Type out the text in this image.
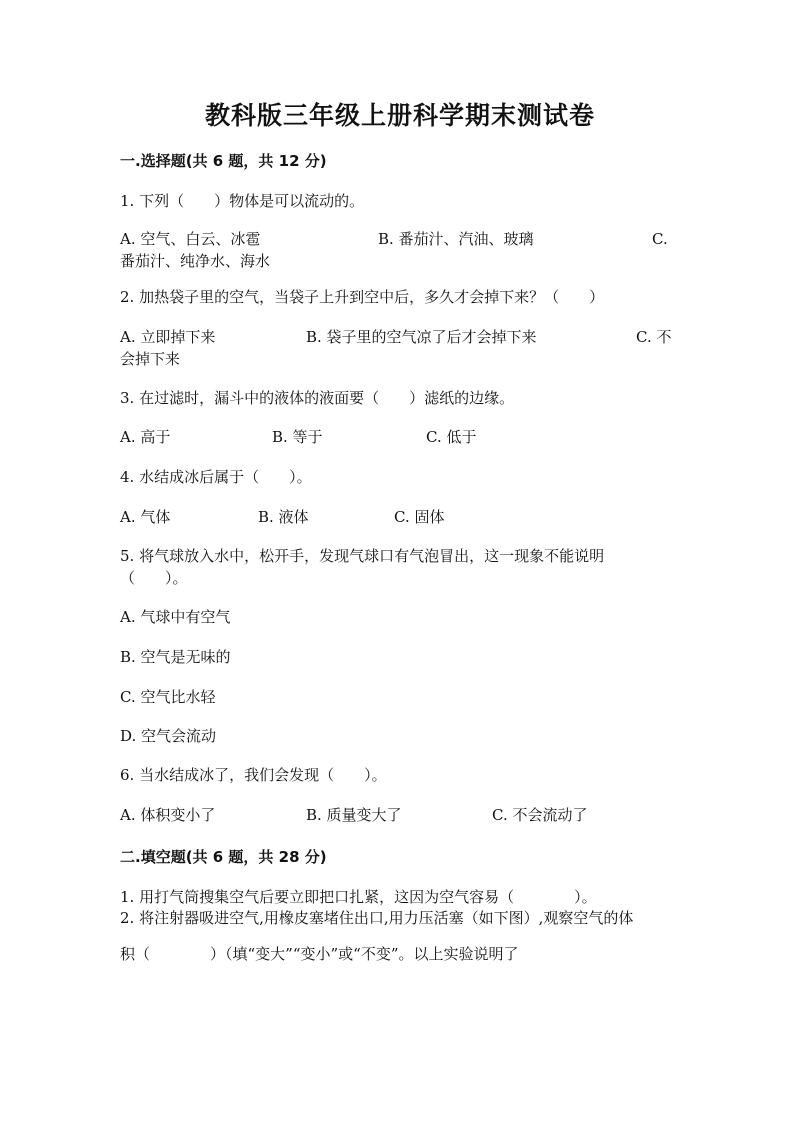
教科版三年级上册科学期末测试卷
一.选择题(共 6 题，共 12 分)
1. 下列（　　）物体是可以流动的。
A. 空气、白云、冰雹	B. 番茄汁、汽油、玻璃	C.
番茄汁、纯净水、海水
2. 加热袋子里的空气，当袋子上升到空中后，多久才会掉下来？（　　）
A. 立即掉下来	B. 袋子里的空气凉了后才会掉下来	C. 不
会掉下来
3. 在过滤时，漏斗中的液体的液面要（　　）滤纸的边缘。
A. 高于	B. 等于	C. 低于
4. 水结成冰后属于（　　）。
A. 气体	B. 液体	C. 固体
5. 将气球放入水中，松开手，发现气球口有气泡冒出，这一现象不能说明
（　　）。
A. 气球中有空气
B. 空气是无味的
C. 空气比水轻
D. 空气会流动
6. 当水结成冰了，我们会发现（　　）。
A. 体积变小了	B. 质量变大了	C. 不会流动了
二.填空题(共 6 题，共 28 分)
1. 用打气筒搜集空气后要立即把口扎紧，这因为空气容易（　　　　）。
2. 将注射器吸进空气,用橡皮塞堵住出口,用力压活塞（如下图）,观察空气的体
积（　　　　）（填“变大”“变小”或“不变”。以上实验说明了
